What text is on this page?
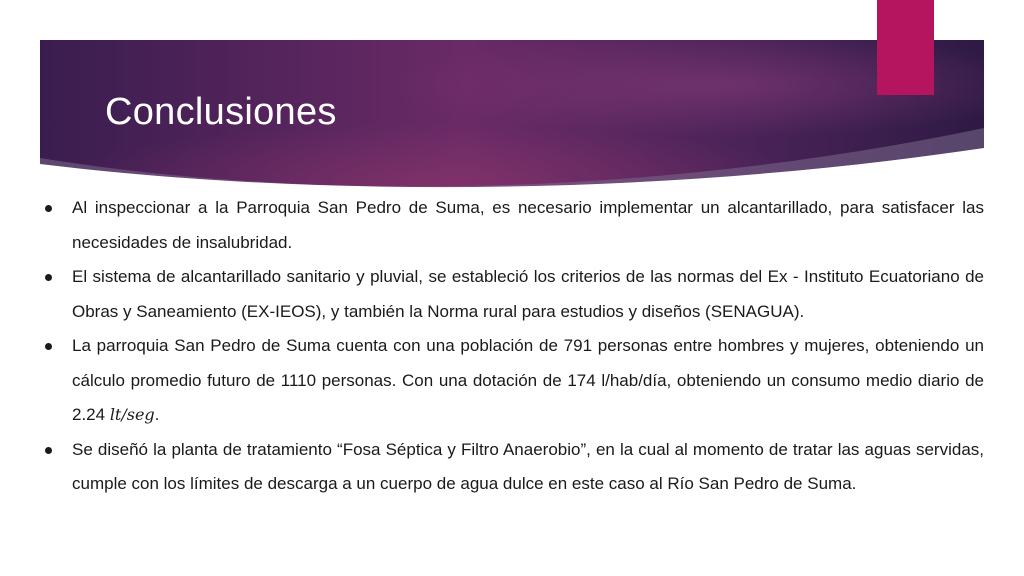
Conclusiones
Al inspeccionar a la Parroquia San Pedro de Suma, es necesario implementar un alcantarillado, para satisfacer las necesidades de insalubridad.
El sistema de alcantarillado sanitario y pluvial, se estableció los criterios de las normas del Ex - Instituto Ecuatoriano de Obras y Saneamiento (EX-IEOS), y también la Norma rural para estudios y diseños (SENAGUA).
La parroquia San Pedro de Suma cuenta con una población de 791 personas entre hombres y mujeres, obteniendo un cálculo promedio futuro de 1110 personas. Con una dotación de 174 l/hab/día, obteniendo un consumo medio diario de 2.24 lt/seg.
Se diseñó la planta de tratamiento “Fosa Séptica y Filtro Anaerobio”, en la cual al momento de tratar las aguas servidas, cumple con los límites de descarga a un cuerpo de agua dulce en este caso al Río San Pedro de Suma.
